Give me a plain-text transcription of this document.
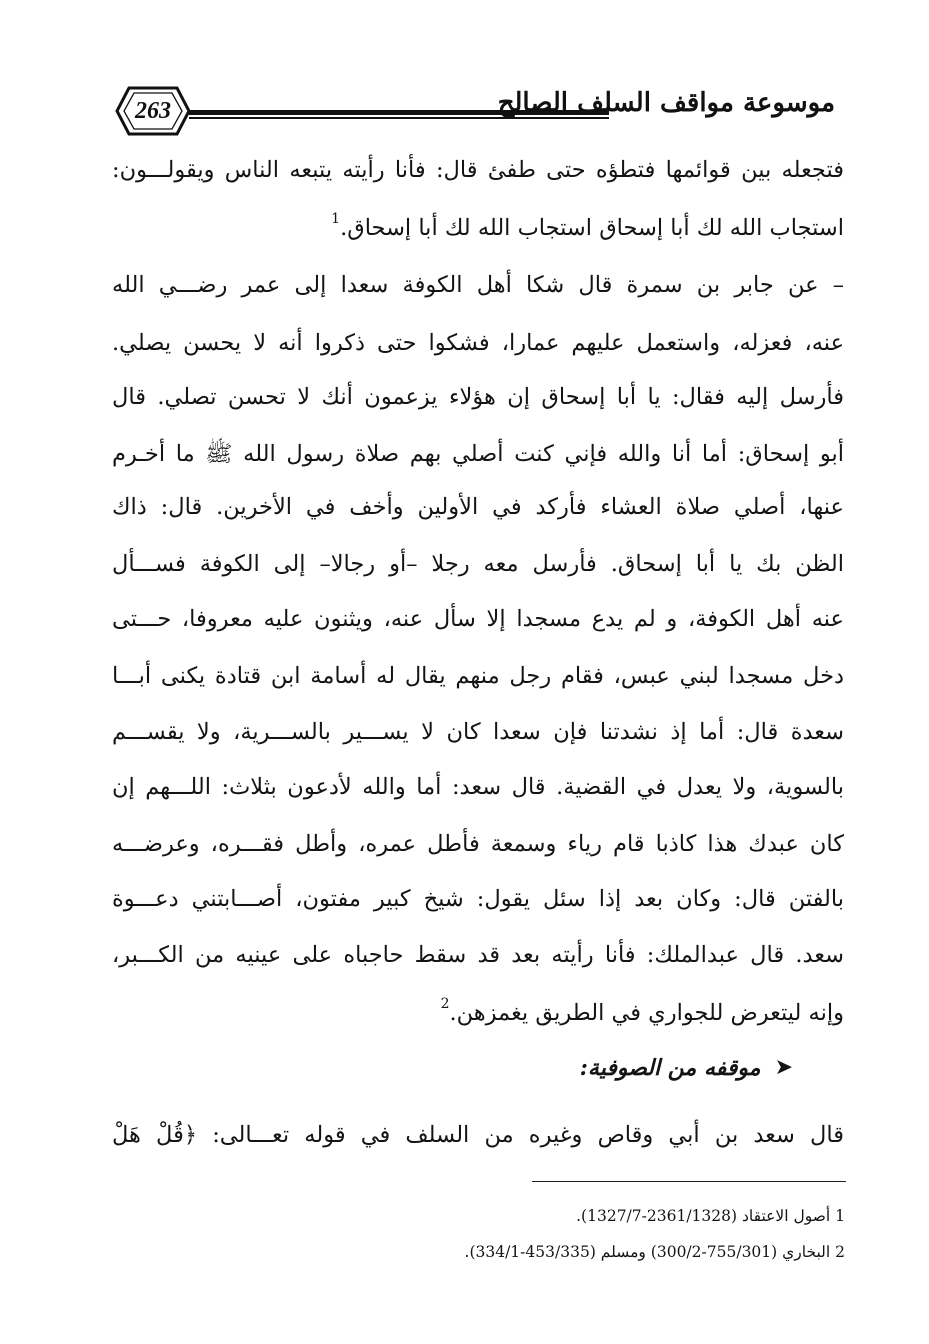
263	موسوعة مواقف السلف الصالح
فتجعله بين قوائمها فتطؤه حتى طفئ قال: فأنا رأيته يتبعه الناس ويقولـــون:
استجاب الله لك أبا إسحاق استجاب الله لك أبا إسحاق.$^1$
– عن جابر بن سمرة قال شكا أهل الكوفة سعدا إلى عمر رضـــي الله
عنه، فعزله، واستعمل عليهم عمارا، فشكوا حتى ذكروا أنه لا يحسن يصلي.
فأرسل إليه فقال: يا أبا إسحاق إن هؤلاء يزعمون أنك لا تحسن تصلي. قال
أبو إسحاق: أما أنا والله فإني كنت أصلي بهم صلاة رسول الله ﷺ ما أخـرم
عنها، أصلي صلاة العشاء فأركد في الأولين وأخف في الأخرين. قال: ذاك
الظن بك يا أبا إسحاق. فأرسل معه رجلا –أو رجالا– إلى الكوفة فســـأل
عنه أهل الكوفة، و لم يدع مسجدا إلا سأل عنه، ويثنون عليه معروفا، حـــتى
دخل مسجدا لبني عبس، فقام رجل منهم يقال له أسامة ابن قتادة يكنى أبـــا
سعدة قال: أما إذ نشدتنا فإن سعدا كان لا يســـير بالســـرية، ولا يقســـم
بالسوية، ولا يعدل في القضية. قال سعد: أما والله لأدعون بثلاث: اللـــهم إن
كان عبدك هذا كاذبا قام رياء وسمعة فأطل عمره، وأطل فقـــره، وعرضـــه
بالفتن قال: وكان بعد إذا سئل يقول: شيخ كبير مفتون، أصـــابتني دعـــوة
سعد. قال عبدالملك: فأنا رأيته بعد قد سقط حاجباه على عينيه من الكـــبر،
وإنه ليتعرض للجواري في الطريق يغمزهن.$^2$
➤
موقفه من الصوفية:
قال سعد بن أبي وقاص وغيره من السلف في قوله تعـــالى: ﴿قُلْ هَلْ
1 أصول الاعتقاد (2361/1328-1327/7).
2 البخاري (755/301-300/2) ومسلم (453/335-334/1).
